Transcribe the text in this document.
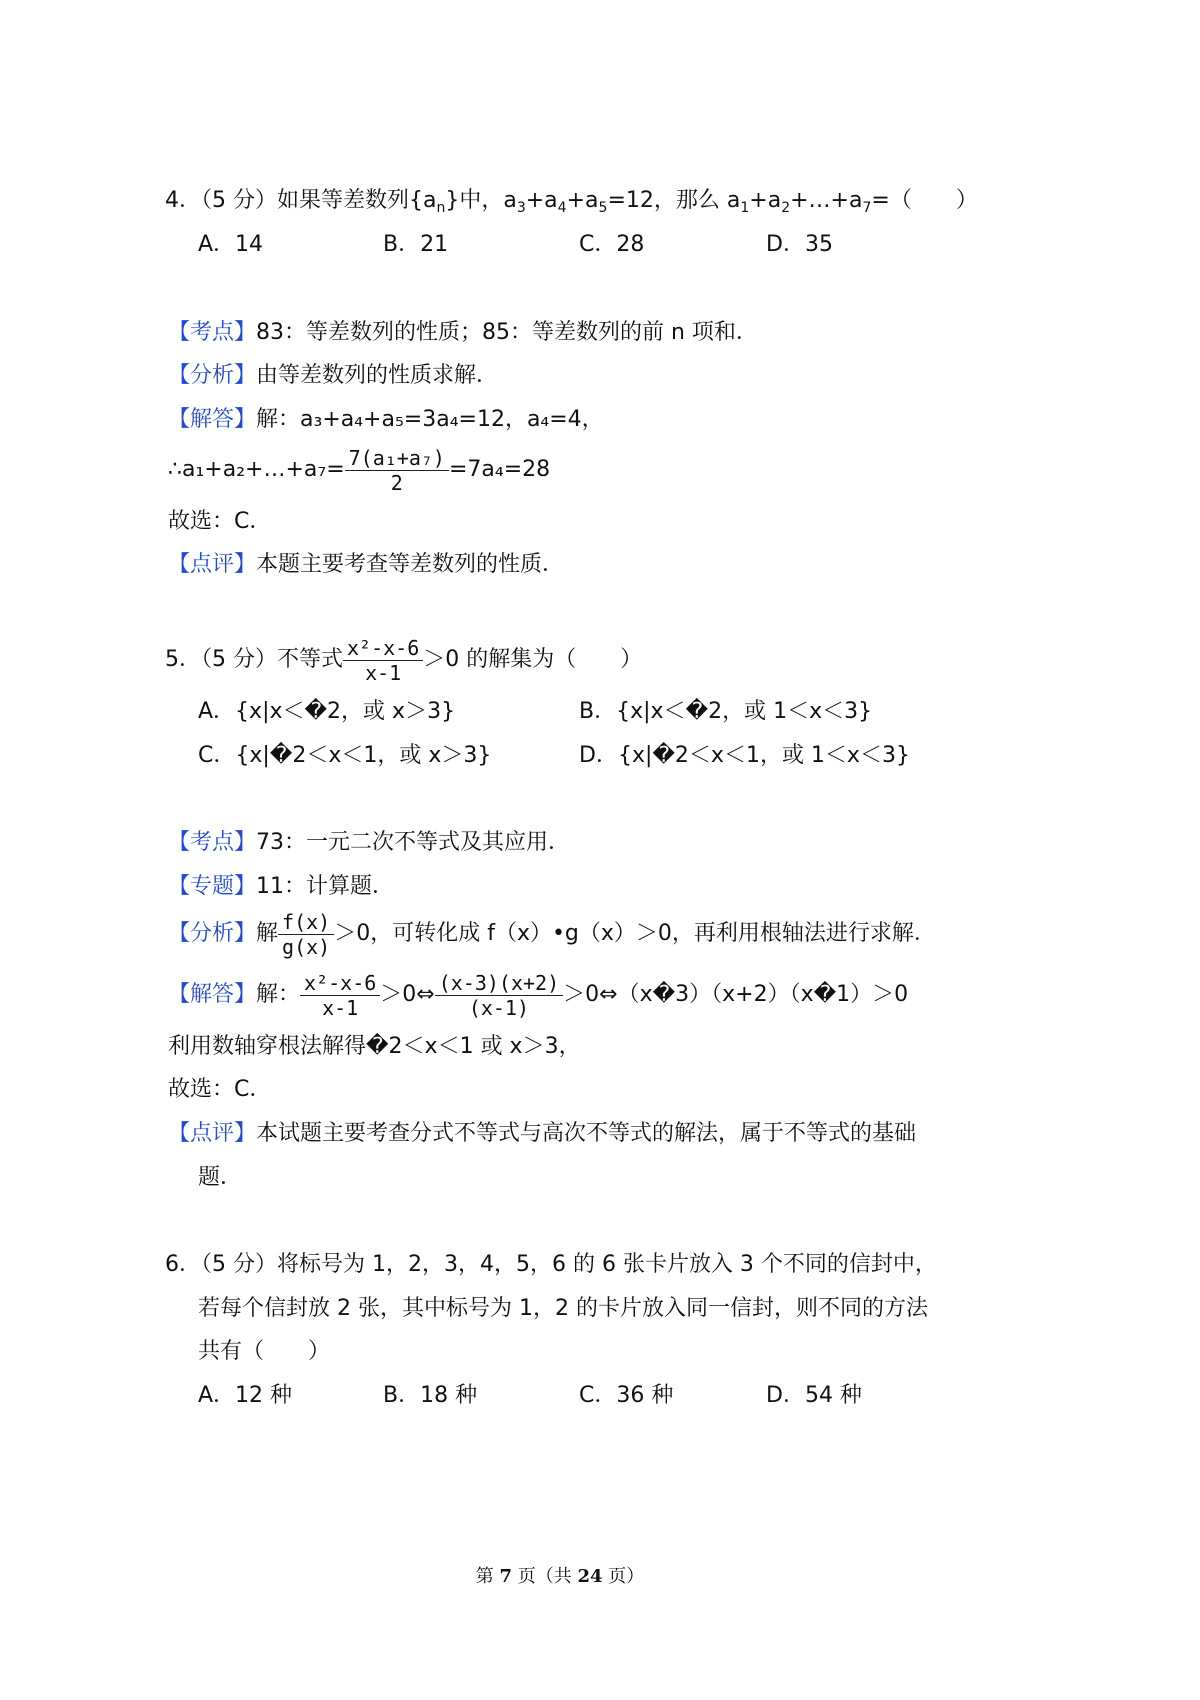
4．（5 分）如果等差数列$\{a_n\}$中，$a_3+a_4+a_5=12$，那么 $a_1+a_2+\dots+a_7=$（　　）
A．14	B．21	C．28	D．35
【考点】83：等差数列的性质；85：等差数列的前 n 项和．
【分析】由等差数列的性质求解．
【解答】解：a₃+a₄+a₅=3a₄=12，a₄=4，
∴a₁+a₂+…+a₇= $\frac{\text{7(a₁+a₇)}}{2} =7a_4=28$
故选：C．
【点评】本题主要考查等差数列的性质．
5．（5 分）不等式 $\frac{\text{x²-x-6}}{x-1} >0$ 的解集为（　　）
A．{x|x＜�2，或 x＞3}	B．{x|x＜�2，或 1＜x＜3}
C．{x|�2＜x＜1，或 x＞3}	D．{x|�2＜x＜1，或 1＜x＜3}
【考点】73：一元二次不等式及其应用．
【专题】11：计算题．
【分析】解 $\frac{f(x)}{g(x)} >0$，可转化成 f（x）•g（x）＞0，再利用根轴法进行求解．
【解答】解： $\frac{\text{x²-x-6}}{x-1}$ ＞0⇔ $\frac{(x-3)(x+2)}{(x-1)}$ ＞0⇔（x�3）（x+2）（x�1）＞0
利用数轴穿根法解得�2＜x＜1 或 x＞3，
故选：C．
【点评】本试题主要考查分式不等式与高次不等式的解法，属于不等式的基础
题．
6．（5 分）将标号为 1，2，3，4，5，6 的 6 张卡片放入 3 个不同的信封中，
若每个信封放 2 张，其中标号为 1，2 的卡片放入同一信封，则不同的方法
共有（　　）
A．12 种	B．18 种	C．36 种	D．54 种
第 7 页（共 24 页）
